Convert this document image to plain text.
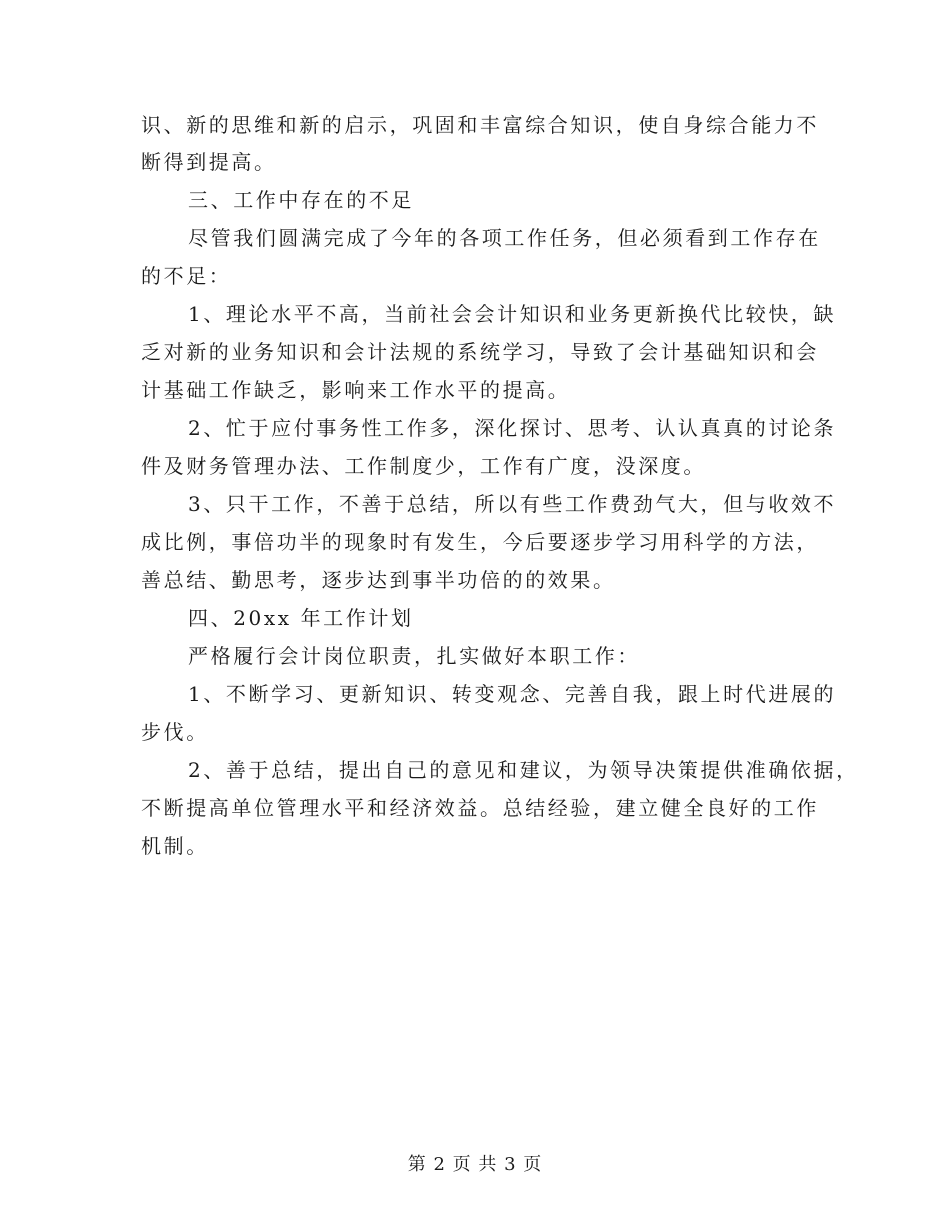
识、新的思维和新的启示，巩固和丰富综合知识，使自身综合能力不
断得到提高。
三、工作中存在的不足
尽管我们圆满完成了今年的各项工作任务，但必须看到工作存在
的不足：
1、理论水平不高，当前社会会计知识和业务更新换代比较快，缺
乏对新的业务知识和会计法规的系统学习，导致了会计基础知识和会
计基础工作缺乏，影响来工作水平的提高。
2、忙于应付事务性工作多，深化探讨、思考、认认真真的讨论条
件及财务管理办法、工作制度少，工作有广度，没深度。
3、只干工作，不善于总结，所以有些工作费劲气大，但与收效不
成比例，事倍功半的现象时有发生，今后要逐步学习用科学的方法，
善总结、勤思考，逐步达到事半功倍的的效果。
四、20xx 年工作计划
严格履行会计岗位职责，扎实做好本职工作：
1、不断学习、更新知识、转变观念、完善自我，跟上时代进展的
步伐。
2、善于总结，提出自己的意见和建议，为领导决策提供准确依据，
不断提高单位管理水平和经济效益。总结经验，建立健全良好的工作
机制。
第 2 页 共 3 页
